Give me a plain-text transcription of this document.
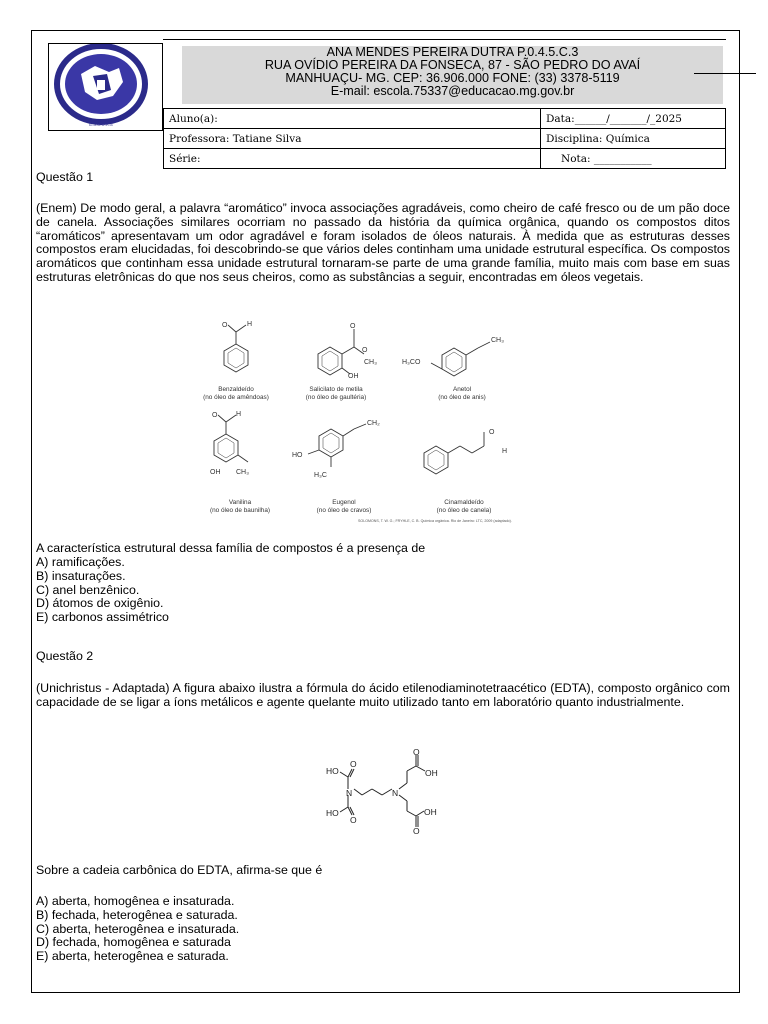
E.S.C.O.R.S
ANA MENDES PEREIRA DUTRA P.0.4.5.C.3
RUA OVÍDIO PEREIRA DA FONSECA, 87 - SÃO PEDRO DO AVAÍ
MANHUAÇU- MG. CEP: 36.906.000 FONE: (33) 3378-5119
E-mail: escola.75337@educacao.mg.gov.br
Aluno(a):	Data:______/_______/_2025
Professora: Tatiane Silva	Disciplina: Química
Série:	Nota: ___________
Questão 1
(Enem) De modo geral, a palavra “aromático” invoca associações agradáveis, como cheiro de café fresco ou de um pão doce de canela. Associações similares ocorriam no passado da história da química orgânica, quando os compostos ditos “aromáticos” apresentavam um odor agradável e foram isolados de óleos naturais. À medida que as estruturas desses compostos eram elucidadas, foi descobrindo-se que vários deles continham uma unidade estrutural específica. Os compostos aromáticos que continham essa unidade estrutural tornaram-se parte de uma grande família, muito mais com base em suas estruturas eletrônicas do que nos seus cheiros, como as substâncias a seguir, encontradas em óleos vegetais.
H
O	O
O
CH₃
OH
CH₃
H₃CO
H
O
OH CH₃
CH₂
HO
H₃C
O
H
Benzaldeído
(no óleo de amêndoas)
Salicilato de metila
(no óleo de gaultéria)
Anetol
(no óleo de anis)
Vanilina
(no óleo de baunilha)
Eugenol
(no óleo de cravos)
Cinamaldeído
(no óleo de canela)
SOLOMONS, T. W. G.; FRYHLE, C. B. Química orgânica. Rio de Janeiro: LTC, 2009 (adaptado).
A característica estrutural dessa família de compostos é a presença de
A) ramificações.
B) insaturações.
C) anel benzênico.
D) átomos de oxigênio.
E) carbonos assimétrico
Questão 2
(Unichristus - Adaptada) A figura abaixo ilustra a fórmula do ácido etilenodiaminotetraacético (EDTA), composto orgânico com capacidade de se ligar a íons metálicos e agente quelante muito utilizado tanto em laboratório quanto industrialmente.
HO
O
N	N
O
OH
HO
O
O
OH
Sobre a cadeia carbônica do EDTA, afirma-se que é
A) aberta, homogênea e insaturada.
B) fechada, heterogênea e saturada.
C) aberta, heterogênea e insaturada.
D) fechada, homogênea e saturada
E) aberta, heterogênea e saturada.
